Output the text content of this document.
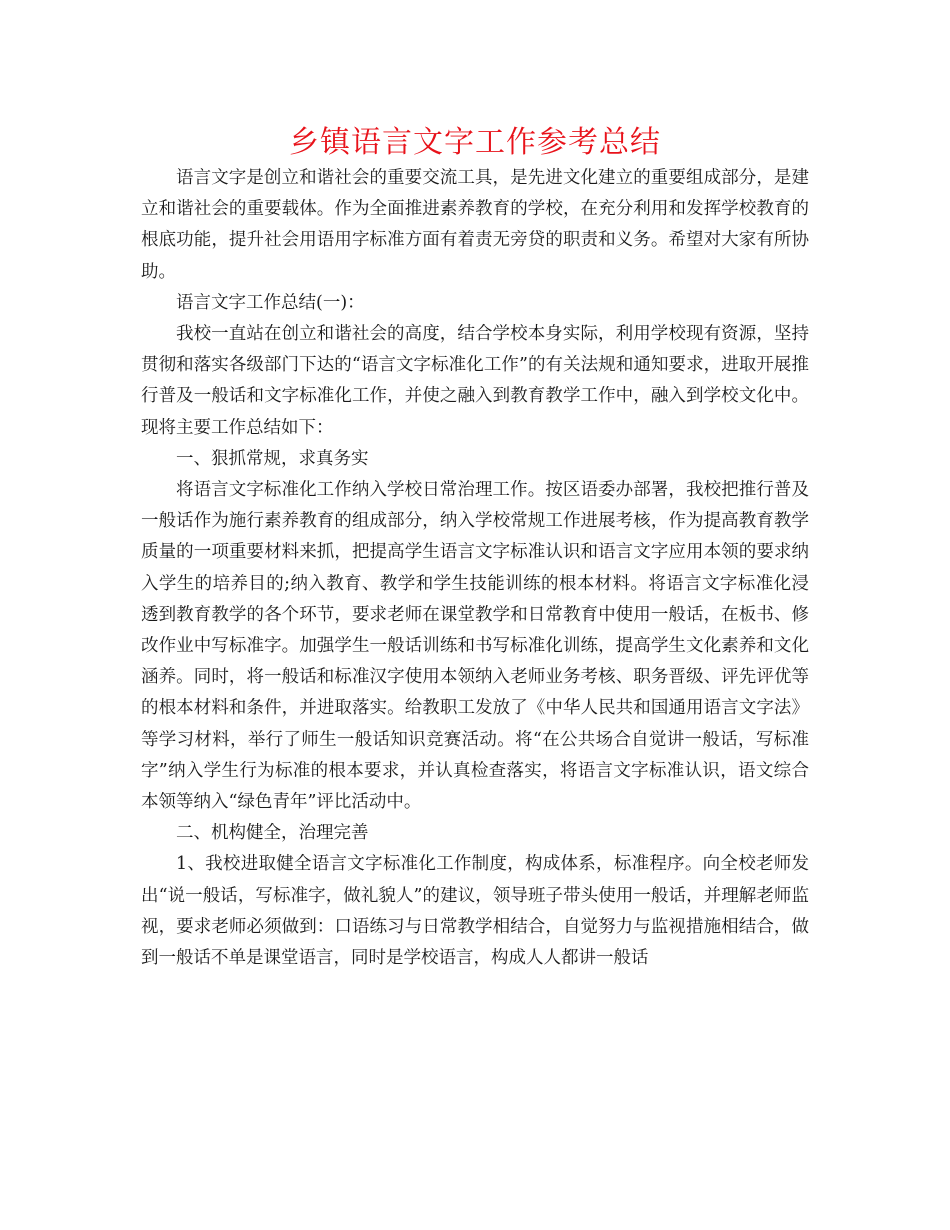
乡镇语言文字工作参考总结

语言文字是创立和谐社会的重要交流工具，是先进文化建立的重要组成部分，是建立和谐社会的重要载体。作为全面推进素养教育的学校，在充分利用和发挥学校教育的根底功能，提升社会用语用字标准方面有着责无旁贷的职责和义务。希望对大家有所协助。

语言文字工作总结(一)：

我校一直站在创立和谐社会的高度，结合学校本身实际，利用学校现有资源，坚持贯彻和落实各级部门下达的“语言文字标准化工作”的有关法规和通知要求，进取开展推行普及一般话和文字标准化工作，并使之融入到教育教学工作中，融入到学校文化中。现将主要工作总结如下：

一、狠抓常规，求真务实

将语言文字标准化工作纳入学校日常治理工作。按区语委办部署，我校把推行普及一般话作为施行素养教育的组成部分，纳入学校常规工作进展考核，作为提高教育教学质量的一项重要材料来抓，把提高学生语言文字标准认识和语言文字应用本领的要求纳入学生的培养目的;纳入教育、教学和学生技能训练的根本材料。将语言文字标准化浸透到教育教学的各个环节，要求老师在课堂教学和日常教育中使用一般话，在板书、修改作业中写标准字。加强学生一般话训练和书写标准化训练，提高学生文化素养和文化涵养。同时，将一般话和标准汉字使用本领纳入老师业务考核、职务晋级、评先评优等的根本材料和条件，并进取落实。给教职工发放了《中华人民共和国通用语言文字法》等学习材料，举行了师生一般话知识竞赛活动。将“在公共场合自觉讲一般话，写标准字”纳入学生行为标准的根本要求，并认真检查落实，将语言文字标准认识，语文综合本领等纳入“绿色青年”评比活动中。

二、机构健全，治理完善

1、我校进取健全语言文字标准化工作制度，构成体系，标准程序。向全校老师发出“说一般话，写标准字，做礼貌人”的建议，领导班子带头使用一般话，并理解老师监视，要求老师必须做到：口语练习与日常教学相结合，自觉努力与监视措施相结合，做到一般话不单是课堂语言，同时是学校语言，构成人人都讲一般话
